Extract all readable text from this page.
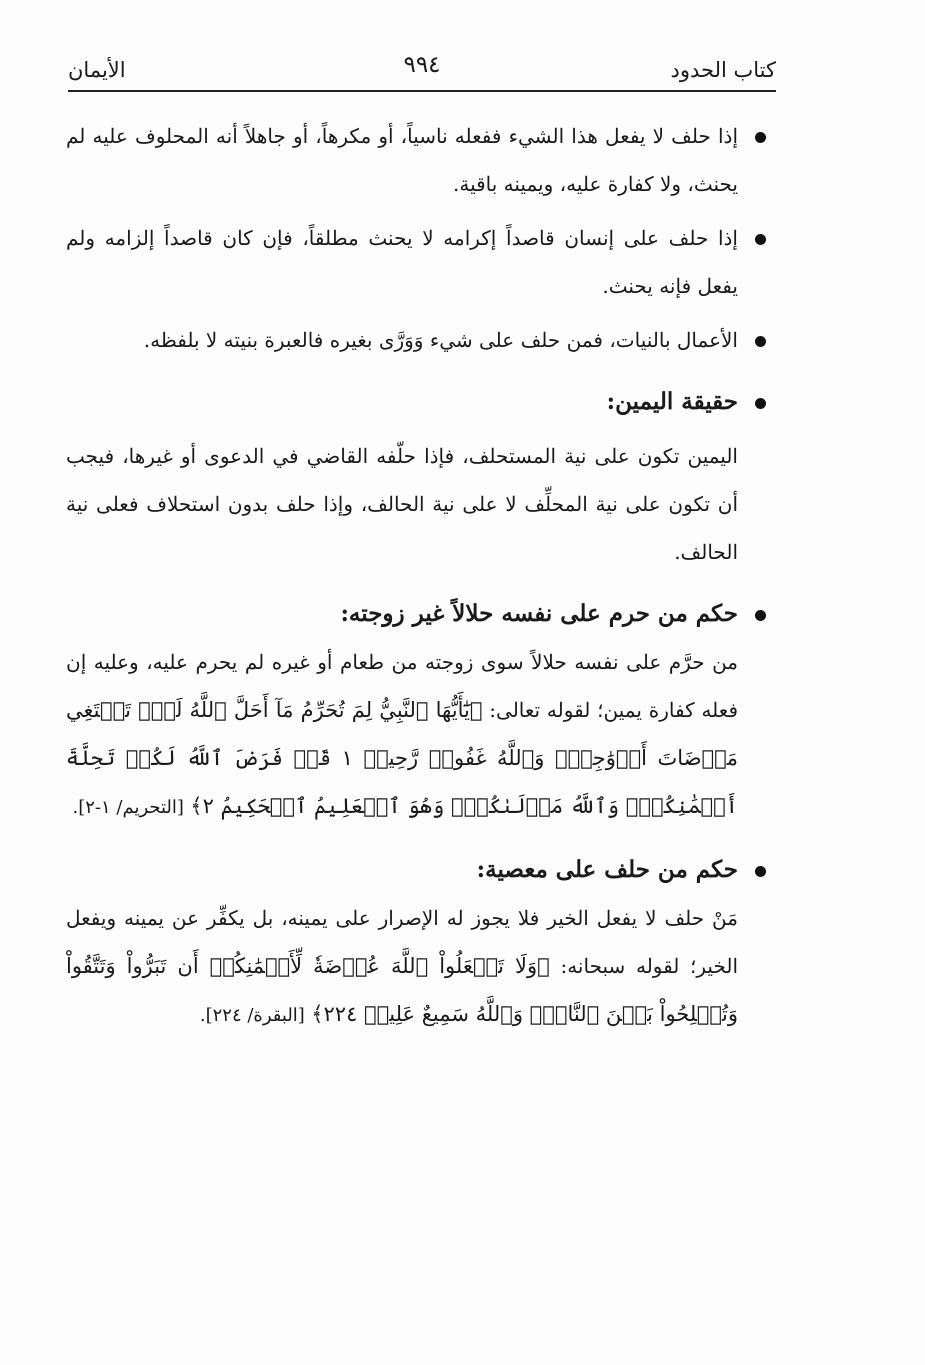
كتاب الحدود
٩٩٤
الأيمان

إذا حلف لا يفعل هذا الشيء ففعله ناسياً، أو مكرهاً، أو جاهلاً أنه المحلوف عليه لم يحنث، ولا كفارة عليه، ويمينه باقية.

إذا حلف على إنسان قاصداً إكرامه لا يحنث مطلقاً، فإن كان قاصداً إلزامه ولم يفعل فإنه يحنث.

الأعمال بالنيات، فمن حلف على شيء وَوَرَّى بغيره فالعبرة بنيته لا بلفظه.

حقيقة اليمين:

اليمين تكون على نية المستحلف، فإذا حلّفه القاضي في الدعوى أو غيرها، فيجب أن تكون على نية المحلِّف لا على نية الحالف، وإذا حلف بدون استحلاف فعلى نية الحالف.

حكم من حرم على نفسه حلالاً غير زوجته:

من حرَّم على نفسه حلالاً سوى زوجته من طعام أو غيره لم يحرم عليه، وعليه إن فعله كفارة يمين؛ لقوله تعالى: ﴿يَٰٓأَيُّهَا ٱلنَّبِيُّ لِمَ تُحَرِّمُ مَآ أَحَلَّ ٱللَّهُ لَكَۖ تَبۡتَغِي مَرۡضَاتَ أَزۡوَٰجِكَۚ وَٱللَّهُ غَفُورٞ رَّحِيمٞ ١ قَدۡ فَرَضَ ٱللَّهُ لَكُمۡ تَحِلَّةَ أَيۡمَٰنِكُمۡۚ وَٱللَّهُ مَوۡلَىٰكُمۡۖ وَهُوَ ٱلۡعَلِيمُ ٱلۡحَكِيمُ ٢﴾ [التحريم/ ١-٢].

حكم من حلف على معصية:

مَنْ حلف لا يفعل الخير فلا يجوز له الإصرار على يمينه، بل يكفِّر عن يمينه ويفعل الخير؛ لقوله سبحانه: ﴿وَلَا تَجۡعَلُواْ ٱللَّهَ عُرۡضَةٗ لِّأَيۡمَٰنِكُمۡ أَن تَبَرُّواْ وَتَتَّقُواْ وَتُصۡلِحُواْ بَيۡنَ ٱلنَّاسِۚ وَٱللَّهُ سَمِيعٌ عَلِيمٞ ٢٢٤﴾ [البقرة/ ٢٢٤].
